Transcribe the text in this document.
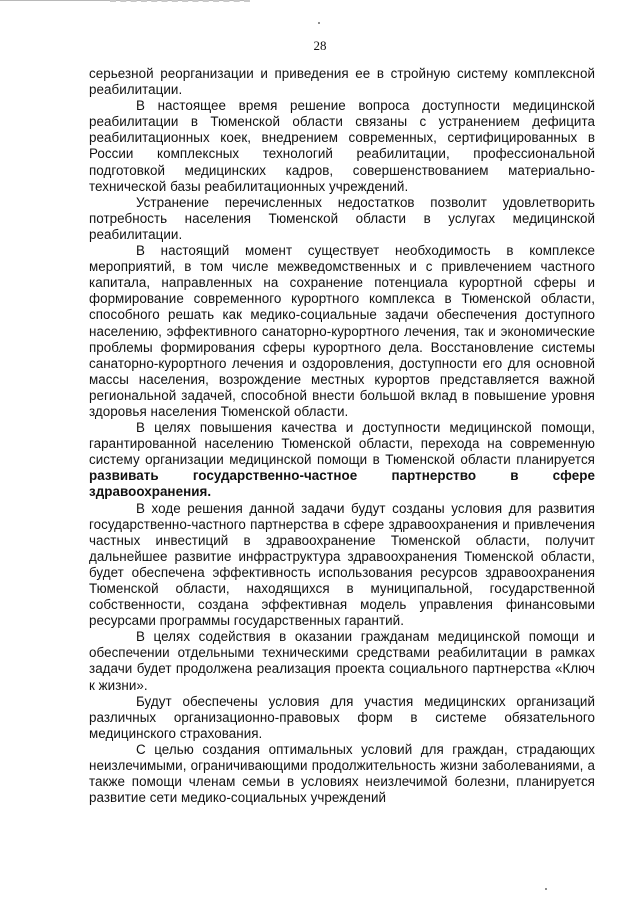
28

серьезной реорганизации и приведения ее в стройную систему комплексной реабилитации.

В настоящее время решение вопроса доступности медицинской реабилитации в Тюменской области связаны с устранением дефицита реабилитационных коек, внедрением современных, сертифицированных в России комплексных технологий реабилитации, профессиональной подготовкой медицинских кадров, совершенствованием материально-технической базы реабилитационных учреждений.

Устранение перечисленных недостатков позволит удовлетворить потребность населения Тюменской области в услугах медицинской реабилитации.

В настоящий момент существует необходимость в комплексе мероприятий, в том числе межведомственных и с привлечением частного капитала, направленных на сохранение потенциала курортной сферы и формирование современного курортного комплекса в Тюменской области, способного решать как медико-социальные задачи обеспечения доступного населению, эффективного санаторно-курортного лечения, так и экономические проблемы формирования сферы курортного дела. Восстановление системы санаторно-курортного лечения и оздоровления, доступности его для основной массы населения, возрождение местных курортов представляется важной региональной задачей, способной внести большой вклад в повышение уровня здоровья населения Тюменской области.

В целях повышения качества и доступности медицинской помощи, гарантированной населению Тюменской области, перехода на современную систему организации медицинской помощи в Тюменской области планируется развивать государственно-частное партнерство в сфере здравоохранения.

В ходе решения данной задачи будут созданы условия для развития государственно-частного партнерства в сфере здравоохранения и привлечения частных инвестиций в здравоохранение Тюменской области, получит дальнейшее развитие инфраструктура здравоохранения Тюменской области, будет обеспечена эффективность использования ресурсов здравоохранения Тюменской области, находящихся в муниципальной, государственной собственности, создана эффективная модель управления финансовыми ресурсами программы государственных гарантий.

В целях содействия в оказании гражданам медицинской помощи и обеспечении отдельными техническими средствами реабилитации в рамках задачи будет продолжена реализация проекта социального партнерства «Ключ к жизни».

Будут обеспечены условия для участия медицинских организаций различных организационно-правовых форм в системе обязательного медицинского страхования.

С целью создания оптимальных условий для граждан, страдающих неизлечимыми, ограничивающими продолжительность жизни заболеваниями, а также помощи членам семьи в условиях неизлечимой болезни, планируется развитие сети медико-социальных учреждений
